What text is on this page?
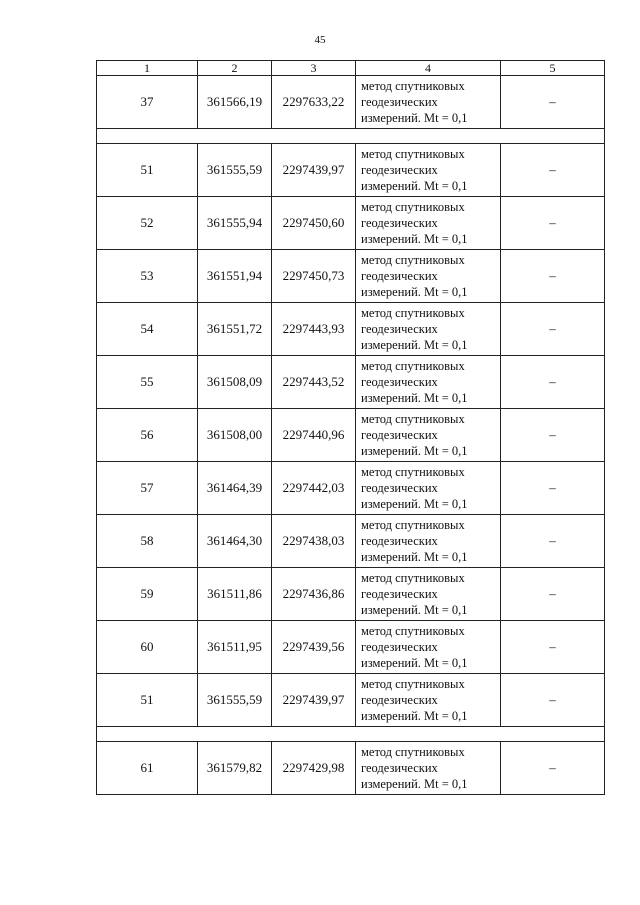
45
1	2	3	4	5
37	361566,19	2297633,22	метод спутниковых
геодезических
измерений. Mt = 0,1	–

51	361555,59	2297439,97	метод спутниковых
геодезических
измерений. Mt = 0,1	–
52	361555,94	2297450,60	метод спутниковых
геодезических
измерений. Mt = 0,1	–
53	361551,94	2297450,73	метод спутниковых
геодезических
измерений. Mt = 0,1	–
54	361551,72	2297443,93	метод спутниковых
геодезических
измерений. Mt = 0,1	–
55	361508,09	2297443,52	метод спутниковых
геодезических
измерений. Mt = 0,1	–
56	361508,00	2297440,96	метод спутниковых
геодезических
измерений. Mt = 0,1	–
57	361464,39	2297442,03	метод спутниковых
геодезических
измерений. Mt = 0,1	–
58	361464,30	2297438,03	метод спутниковых
геодезических
измерений. Mt = 0,1	–
59	361511,86	2297436,86	метод спутниковых
геодезических
измерений. Mt = 0,1	–
60	361511,95	2297439,56	метод спутниковых
геодезических
измерений. Mt = 0,1	–
51	361555,59	2297439,97	метод спутниковых
геодезических
измерений. Mt = 0,1	–

61	361579,82	2297429,98	метод спутниковых
геодезических
измерений. Mt = 0,1	–
